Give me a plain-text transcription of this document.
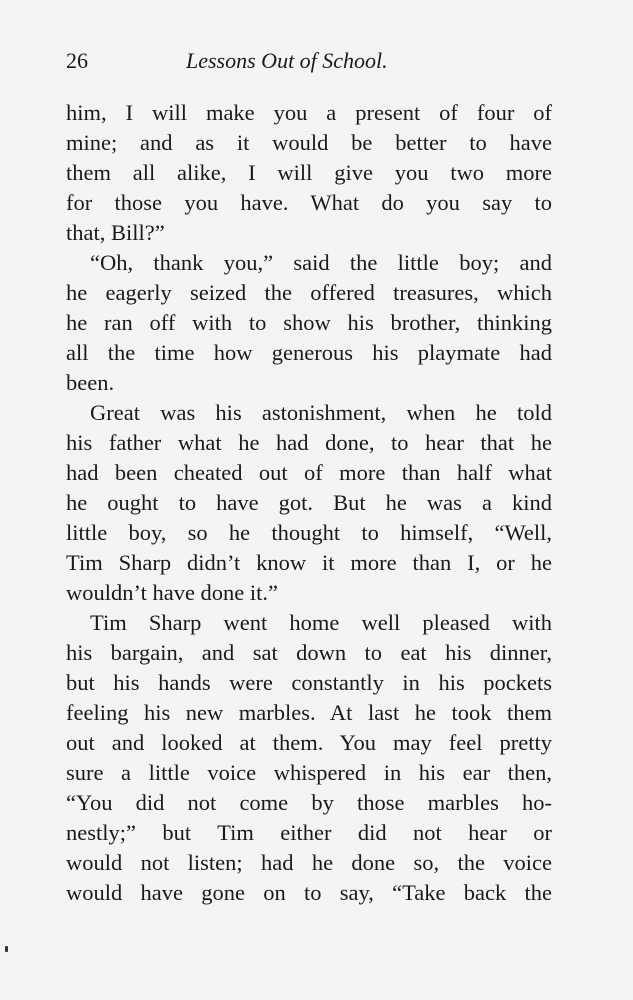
26	Lessons Out of School.
him, I will make you a present of four of
mine; and as it would be better to have
them all alike, I will give you two more
for those you have. What do you say to
that, Bill?”
“Oh, thank you,” said the little boy; and
he eagerly seized the offered treasures, which
he ran off with to show his brother, thinking
all the time how generous his playmate had
been.
Great was his astonishment, when he told
his father what he had done, to hear that he
had been cheated out of more than half what
he ought to have got. But he was a kind
little boy, so he thought to himself, “Well,
Tim Sharp didn’t know it more than I, or he
wouldn’t have done it.”
Tim Sharp went home well pleased with
his bargain, and sat down to eat his dinner,
but his hands were constantly in his pockets
feeling his new marbles. At last he took them
out and looked at them. You may feel pretty
sure a little voice whispered in his ear then,
“You did not come by those marbles ho-
nestly;” but Tim either did not hear or
would not listen; had he done so, the voice
would have gone on to say, “Take back the
